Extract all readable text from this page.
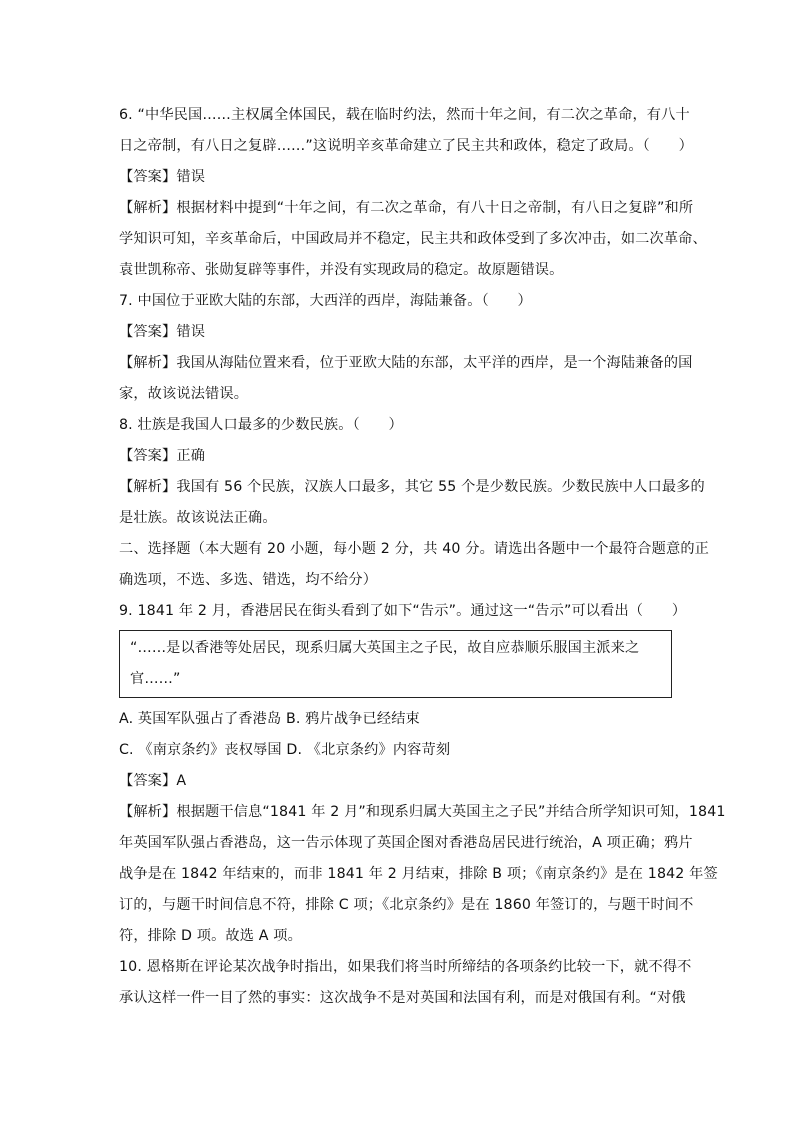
6. “中华民国……主权属全体国民，载在临时约法，然而十年之间，有二次之革命，有八十
日之帝制，有八日之复辟……”这说明辛亥革命建立了民主共和政体，稳定了政局。（　　）
【答案】错误
【解析】根据材料中提到“十年之间，有二次之革命，有八十日之帝制，有八日之复辟”和所
学知识可知，辛亥革命后，中国政局并不稳定，民主共和政体受到了多次冲击，如二次革命、
袁世凯称帝、张勋复辟等事件，并没有实现政局的稳定。故原题错误。
7. 中国位于亚欧大陆的东部，大西洋的西岸，海陆兼备。（　　）
【答案】错误
【解析】我国从海陆位置来看，位于亚欧大陆的东部，太平洋的西岸，是一个海陆兼备的国
家，故该说法错误。
8. 壮族是我国人口最多的少数民族。（　　）
【答案】正确
【解析】我国有 56 个民族，汉族人口最多，其它 55 个是少数民族。少数民族中人口最多的
是壮族。故该说法正确。
二、选择题（本大题有 20 小题，每小题 2 分，共 40 分。请选出各题中一个最符合题意的正
确选项，不选、多选、错选，均不给分）
9. 1841 年 2 月，香港居民在街头看到了如下“告示”。通过这一“告示”可以看出（　　）
“……是以香港等处居民，现系归属大英国主之子民，故自应恭顺乐服国主派来之
官……”
A. 英国军队强占了香港岛 B. 鸦片战争已经结束
C. 《南京条约》丧权辱国 D. 《北京条约》内容苛刻
【答案】A
【解析】根据题干信息“1841 年 2 月”和现系归属大英国主之子民”并结合所学知识可知，1841
年英国军队强占香港岛，这一告示体现了英国企图对香港岛居民进行统治，A 项正确；鸦片
战争是在 1842 年结束的，而非 1841 年 2 月结束，排除 B 项；《南京条约》是在 1842 年签
订的，与题干时间信息不符，排除 C 项；《北京条约》是在 1860 年签订的，与题干时间不
符，排除 D 项。故选 A 项。
10. 恩格斯在评论某次战争时指出，如果我们将当时所缔结的各项条约比较一下，就不得不
承认这样一件一目了然的事实：这次战争不是对英国和法国有利，而是对俄国有利。“对俄
